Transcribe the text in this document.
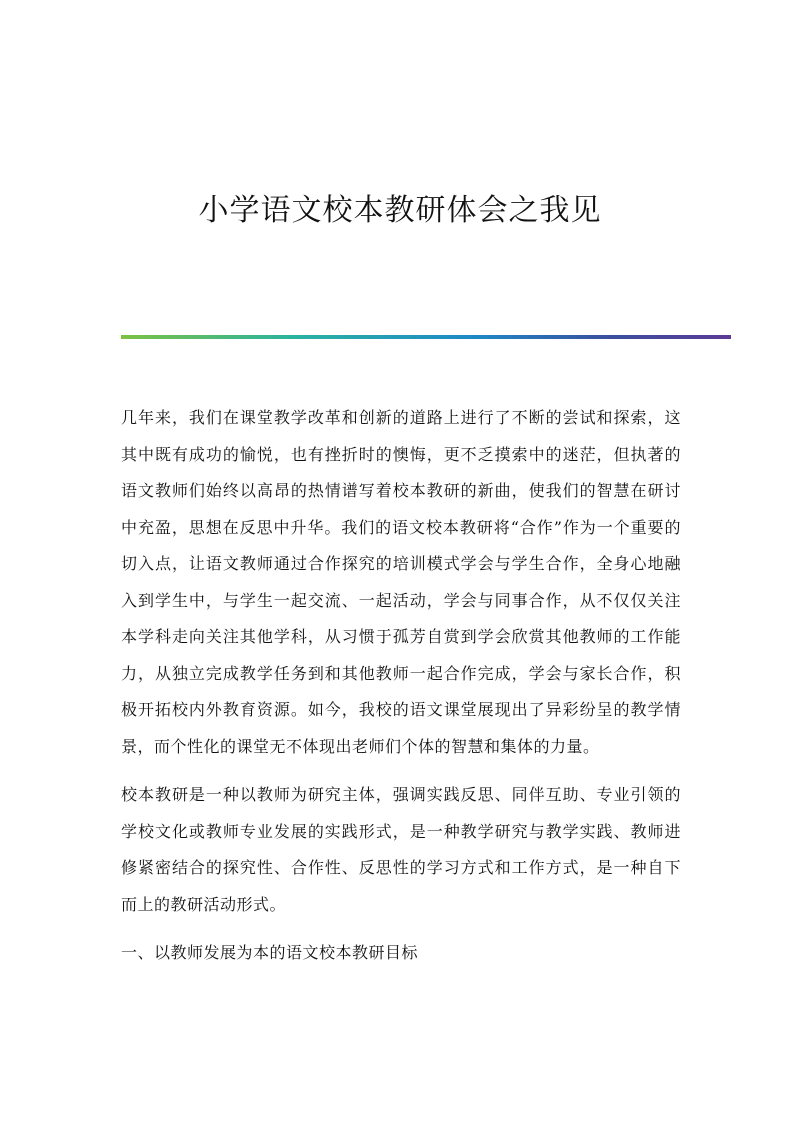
小学语文校本教研体会之我见

几年来，我们在课堂教学改革和创新的道路上进行了不断的尝试和探索，这其中既有成功的愉悦，也有挫折时的懊悔，更不乏摸索中的迷茫，但执著的语文教师们始终以高昂的热情谱写着校本教研的新曲，使我们的智慧在研讨中充盈，思想在反思中升华。我们的语文校本教研将“合作”作为一个重要的切入点，让语文教师通过合作探究的培训模式学会与学生合作，全身心地融入到学生中，与学生一起交流、一起活动，学会与同事合作，从不仅仅关注本学科走向关注其他学科，从习惯于孤芳自赏到学会欣赏其他教师的工作能力，从独立完成教学任务到和其他教师一起合作完成，学会与家长合作，积极开拓校内外教育资源。如今，我校的语文课堂展现出了异彩纷呈的教学情景，而个性化的课堂无不体现出老师们个体的智慧和集体的力量。

校本教研是一种以教师为研究主体，强调实践反思、同伴互助、专业引领的学校文化或教师专业发展的实践形式，是一种教学研究与教学实践、教师进修紧密结合的探究性、合作性、反思性的学习方式和工作方式，是一种自下而上的教研活动形式。

一、以教师发展为本的语文校本教研目标
